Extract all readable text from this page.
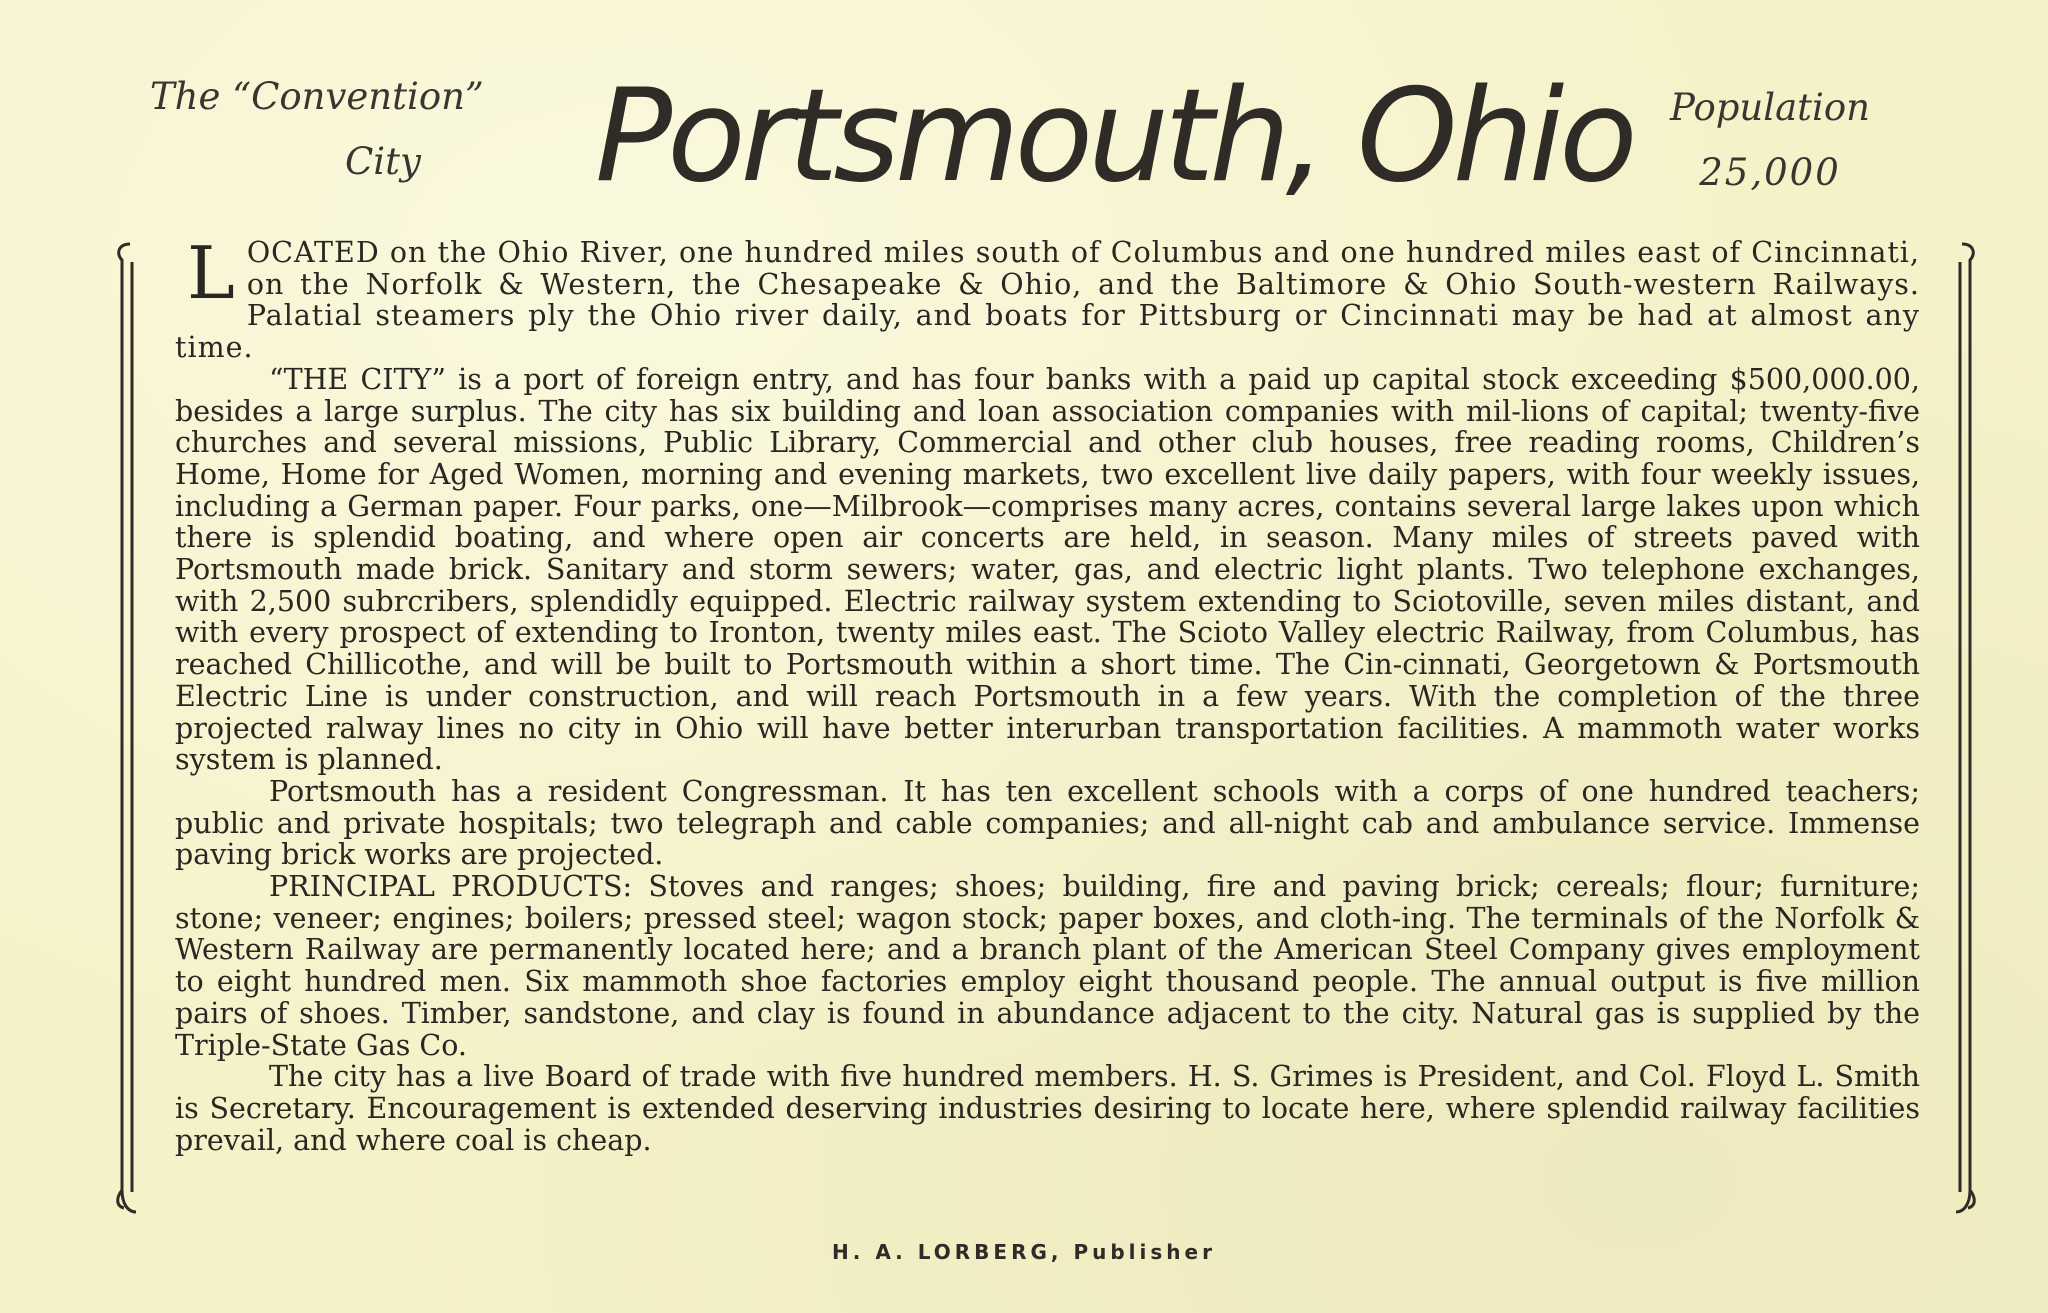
The “Convention”
City	Portsmouth, Ohio	Population
25,000

L OCATED on the Ohio River, one hundred miles south of Columbus and one hundred miles east of Cincinnati, on the Norfolk & Western, the Chesapeake & Ohio, and the Baltimore & Ohio South-western Railways. Palatial steamers ply the Ohio river daily, and boats for Pittsburg or Cincinnati may be had at almost any time.

“THE CITY” is a port of foreign entry, and has four banks with a paid up capital stock exceeding $500,000.00, besides a large surplus. The city has six building and loan association companies with mil-lions of capital; twenty-five churches and several missions, Public Library, Commercial and other club houses, free reading rooms, Children’s Home, Home for Aged Women, morning and evening markets, two excellent live daily papers, with four weekly issues, including a German paper. Four parks, one—Milbrook—comprises many acres, contains several large lakes upon which there is splendid boating, and where open air concerts are held, in season. Many miles of streets paved with Portsmouth made brick. Sanitary and storm sewers; water, gas, and electric light plants. Two telephone exchanges, with 2,500 subrcribers, splendidly equipped. Electric railway system extending to Sciotoville, seven miles distant, and with every prospect of extending to Ironton, twenty miles east. The Scioto Valley electric Railway, from Columbus, has reached Chillicothe, and will be built to Portsmouth within a short time. The Cin-cinnati, Georgetown & Portsmouth Electric Line is under construction, and will reach Portsmouth in a few years. With the completion of the three projected ralway lines no city in Ohio will have better interurban transportation facilities. A mammoth water works system is planned.

Portsmouth has a resident Congressman. It has ten excellent schools with a corps of one hundred teachers; public and private hospitals; two telegraph and cable companies; and all-night cab and ambulance service. Immense paving brick works are projected.

PRINCIPAL PRODUCTS: Stoves and ranges; shoes; building, fire and paving brick; cereals; flour; furniture; stone; veneer; engines; boilers; pressed steel; wagon stock; paper boxes, and cloth-ing. The terminals of the Norfolk & Western Railway are permanently located here; and a branch plant of the American Steel Company gives employment to eight hundred men. Six mammoth shoe factories employ eight thousand people. The annual output is five million pairs of shoes. Timber, sandstone, and clay is found in abundance adjacent to the city. Natural gas is supplied by the Triple-State Gas Co.

The city has a live Board of trade with five hundred members. H. S. Grimes is President, and Col. Floyd L. Smith is Secretary. Encouragement is extended deserving industries desiring to locate here, where splendid railway facilities prevail, and where coal is cheap.

H. A. LORBERG, Publisher
